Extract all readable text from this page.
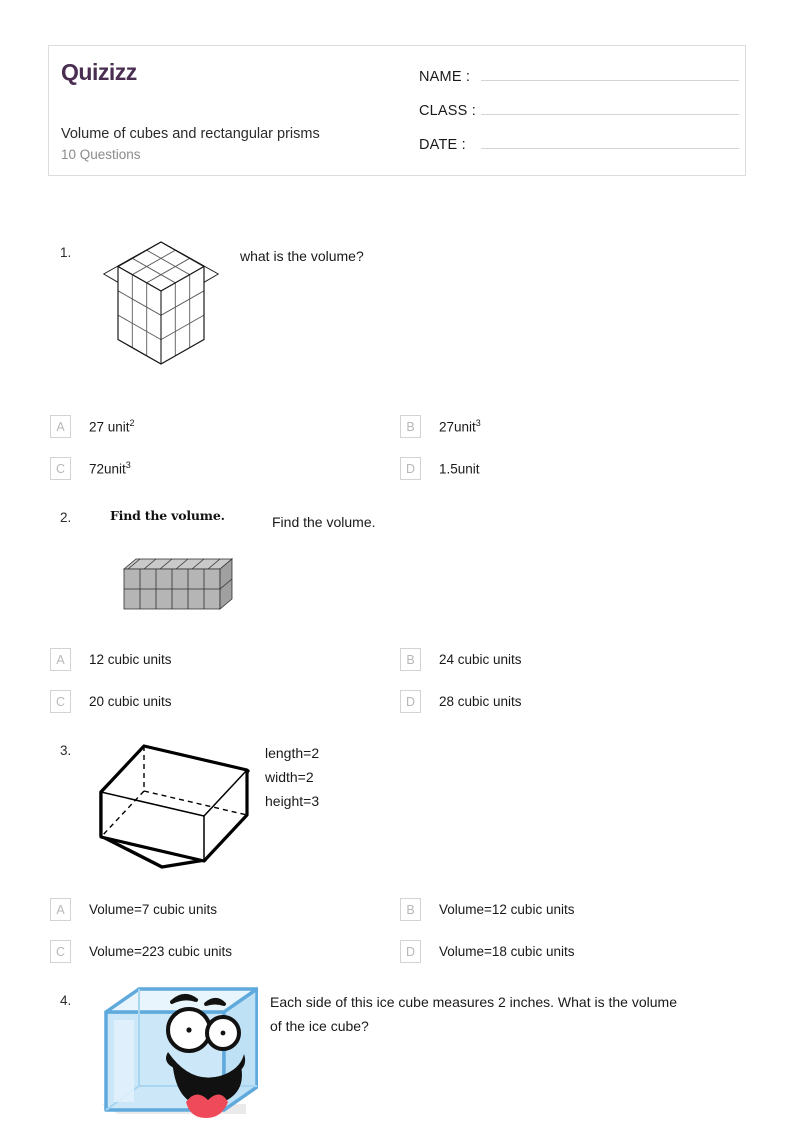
Quizizz
Volume of cubes and rectangular prisms
10 Questions
NAME :
CLASS :
DATE :
1.	what is the volume?
A	27 unit$^2$	B	27unit$^3$
C	72unit$^3$	D	1.5unit
2.	Find the volume.
Find the volume.
A	12 cubic units	B	24 cubic units
C	20 cubic units	D	28 cubic units
3.	length=2
width=2
height=3
A	Volume=7 cubic units	B	Volume=12 cubic units
C	Volume=223 cubic units	D	Volume=18 cubic units
4.	Each side of this ice cube measures 2 inches. What is the volume
of the ice cube?
